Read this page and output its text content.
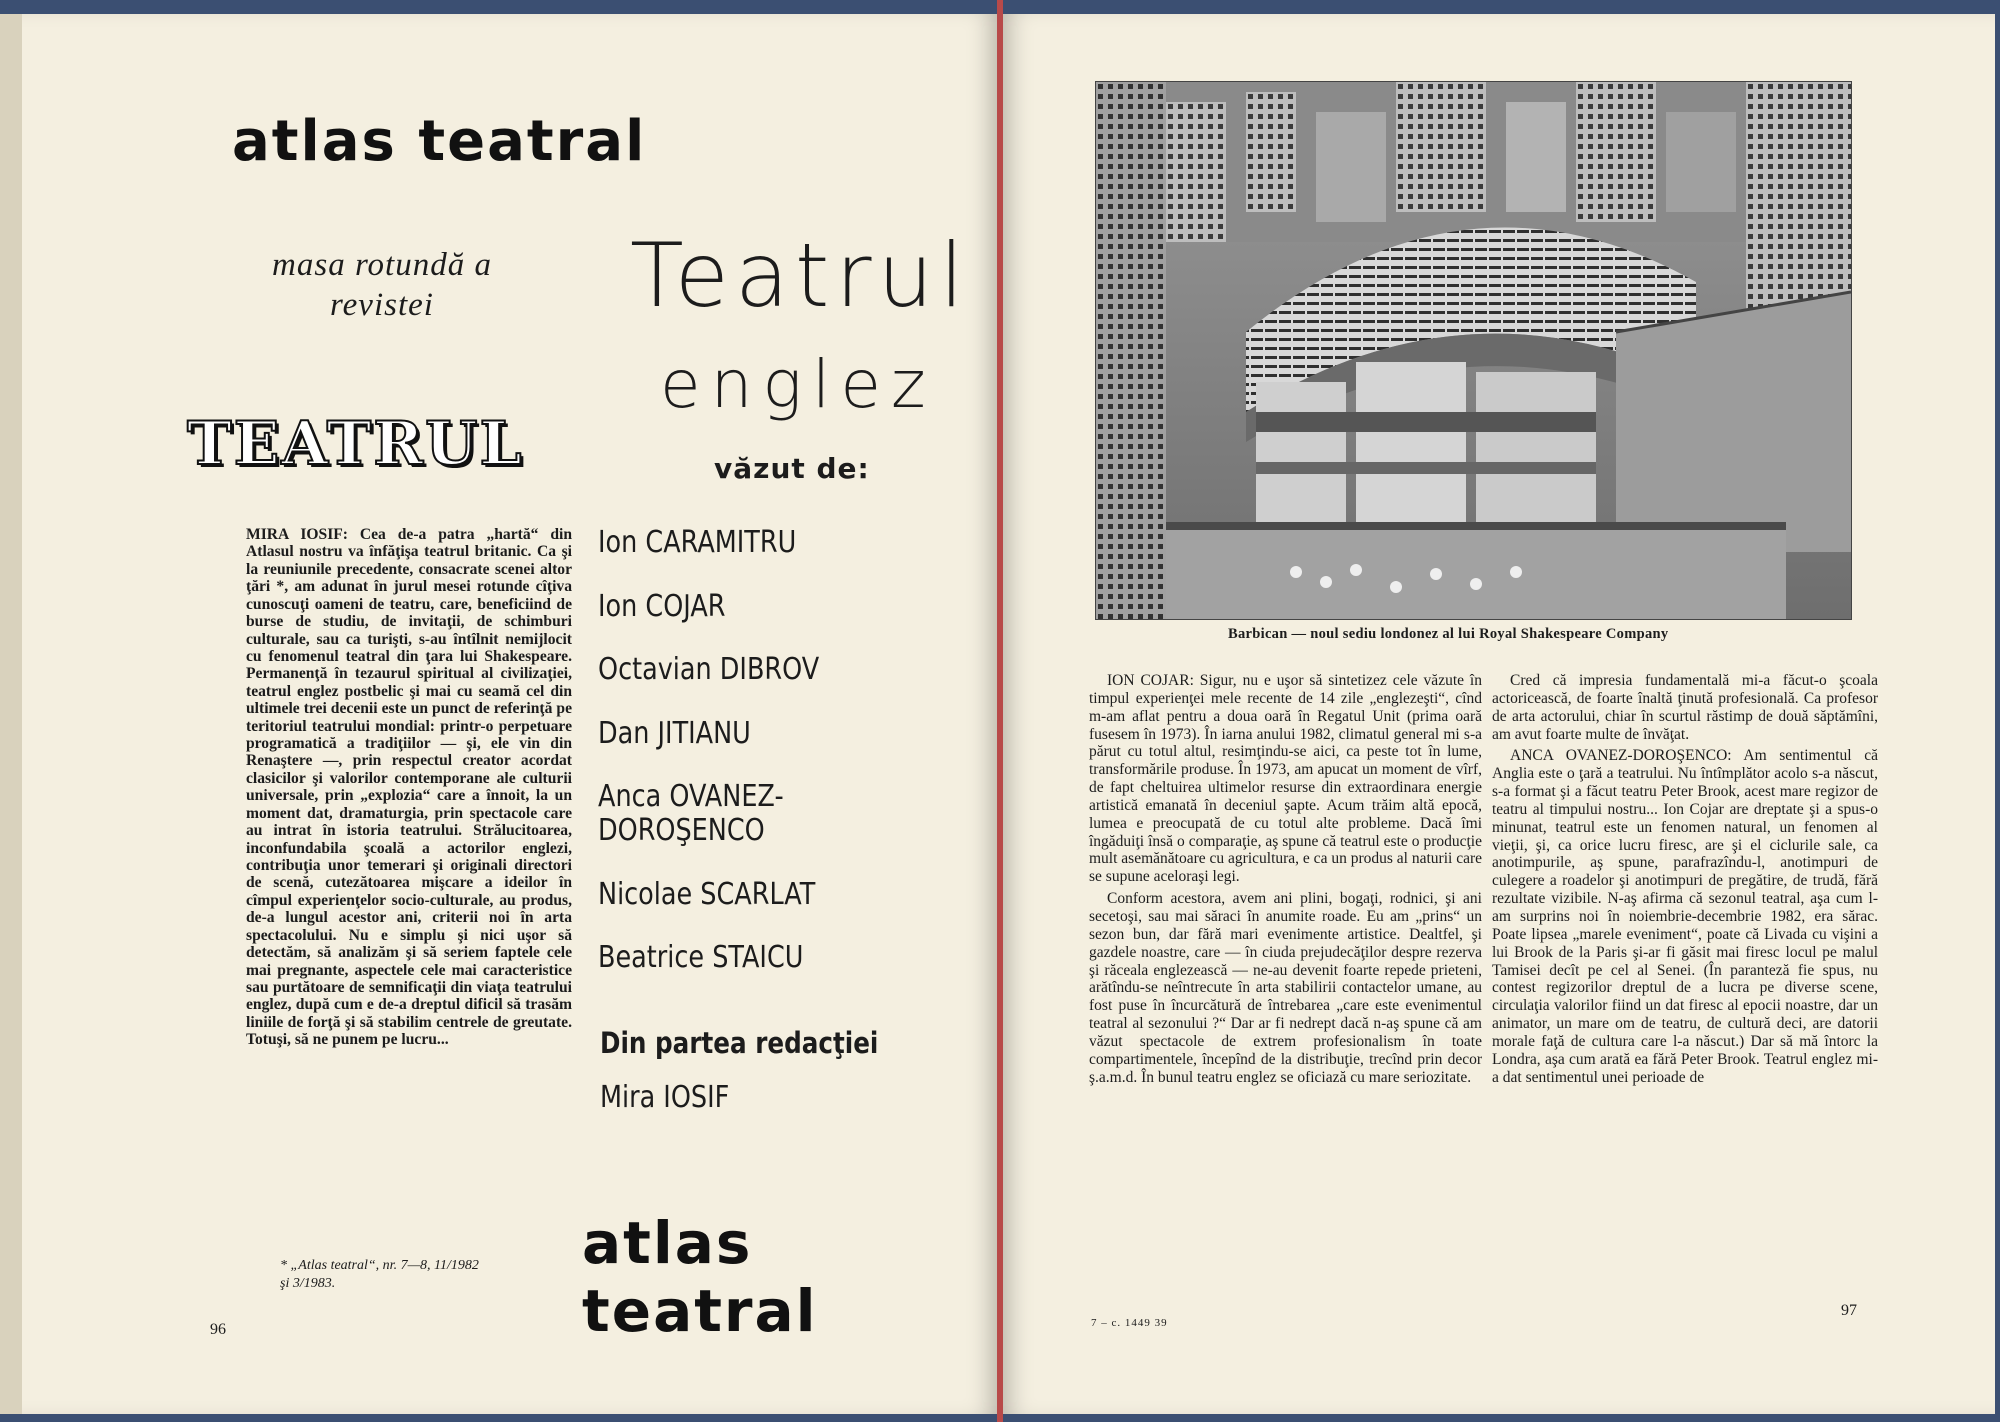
atlas teatral
masa rotundă a
revistei
TEATRUL
Teatrul
englez
văzut de:
Ion CARAMITRU
Ion COJAR
Octavian DIBROV
Dan JITIANU
Anca OVANEZ-DOROŞENCO
Nicolae SCARLAT
Beatrice STAICU
Din partea redacţiei
Mira IOSIF

MIRA IOSIF: Cea de-a patra „hartă“ din Atlasul nostru va înfăţişa teatrul britanic. Ca şi la reuniunile precedente, consacrate scenei altor ţări *, am adunat în jurul mesei rotunde cîţiva cunoscuţi oameni de teatru, care, beneficiind de burse de studiu, de invitaţii, de schimburi culturale, sau ca turişti, s-au întîlnit nemijlocit cu fenomenul teatral din ţara lui Shakespeare. Permanenţă în tezaurul spiritual al civilizaţiei, teatrul englez postbelic şi mai cu seamă cel din ultimele trei decenii este un punct de referinţă pe teritoriul teatrului mondial: printr-o perpetuare programatică a tradiţiilor — şi, ele vin din Renaştere —, prin respectul creator acordat clasicilor şi valorilor contemporane ale culturii universale, prin „explozia“ care a înnoit, la un moment dat, dramaturgia, prin spectacole care au intrat în istoria teatrului. Strălucitoarea, inconfundabila şcoală a actorilor englezi, contribuţia unor temerari şi originali directori de scenă, cutezătoarea mişcare a ideilor în cîmpul experienţelor socio-culturale, au produs, de-a lungul acestor ani, criterii noi în arta spectacolului. Nu e simplu şi nici uşor să detectăm, să analizăm şi să seriem faptele cele mai pregnante, aspectele cele mai caracteristice sau purtătoare de semnificaţii din viaţa teatrului englez, după cum e de-a dreptul dificil să trasăm liniile de forţă şi să stabilim centrele de greutate. Totuşi, să ne punem pe lucru...

* „Atlas teatral“, nr. 7—8, 11/1982
şi 3/1983.
atlas teatral
96
Barbican — noul sediu londonez al lui Royal Shakespeare Company

ION COJAR: Sigur, nu e uşor să sintetizez cele văzute în timpul experienţei mele recente de 14 zile „englezeşti“, cînd m-am aflat pentru a doua oară în Regatul Unit (prima oară fusesem în 1973). În iarna anului 1982, climatul general mi s-a părut cu totul altul, resimţindu-se aici, ca peste tot în lume, transformările produse. În 1973, am apucat un moment de vîrf, de fapt cheltuirea ultimelor resurse din extraordinara energie artistică emanată în deceniul şapte. Acum trăim altă epocă, lumea e preocupată de cu totul alte probleme. Dacă îmi îngăduiţi însă o comparaţie, aş spune că teatrul este o producţie mult asemănătoare cu agricultura, e ca un produs al naturii care se supune aceloraşi legi.

Conform acestora, avem ani plini, bogaţi, rodnici, şi ani secetoşi, sau mai săraci în anumite roade. Eu am „prins“ un sezon bun, dar fără mari evenimente artistice. Dealtfel, şi gazdele noastre, care — în ciuda prejudecăţilor despre rezerva şi răceala englezească — ne-au devenit foarte repede prieteni, arătîndu-se neîntrecute în arta stabilirii contactelor umane, au fost puse în încurcătură de întrebarea „care este evenimentul teatral al sezonului ?“ Dar ar fi nedrept dacă n-aş spune că am văzut spectacole de extrem profesionalism în toate compartimentele, începînd de la distribuţie, trecînd prin decor ş.a.m.d. În bunul teatru englez se oficiază cu mare seriozitate.

Cred că impresia fundamentală mi-a făcut-o şcoala actoricească, de foarte înaltă ţinută profesională. Ca profesor de arta actorului, chiar în scurtul răstimp de două săptămîni, am avut foarte multe de învăţat.

ANCA OVANEZ-DOROŞENCO: Am sentimentul că Anglia este o ţară a teatrului. Nu întîmplător acolo s-a născut, s-a format şi a făcut teatru Peter Brook, acest mare regizor de teatru al timpului nostru... Ion Cojar are dreptate şi a spus-o minunat, teatrul este un fenomen natural, un fenomen al vieţii, şi, ca orice lucru firesc, are şi el ciclurile sale, ca anotimpurile, aş spune, parafrazîndu-l, anotimpuri de culegere a roadelor şi anotimpuri de pregătire, de trudă, fără rezultate vizibile. N-aş afirma că sezonul teatral, aşa cum l-am surprins noi în noiembrie-decembrie 1982, era sărac. Poate lipsea „marele eveniment“, poate că Livada cu vişini a lui Brook de la Paris şi-ar fi găsit mai firesc locul pe malul Tamisei decît pe cel al Senei. (În paranteză fie spus, nu contest regizorilor dreptul de a lucra pe diverse scene, circulaţia valorilor fiind un dat firesc al epocii noastre, dar un animator, un mare om de teatru, de cultură deci, are datorii morale faţă de cultura care l-a născut.) Dar să mă întorc la Londra, aşa cum arată ea fără Peter Brook. Teatrul englez mi-a dat sentimentul unei perioade de

7 – c. 1449 39
97
